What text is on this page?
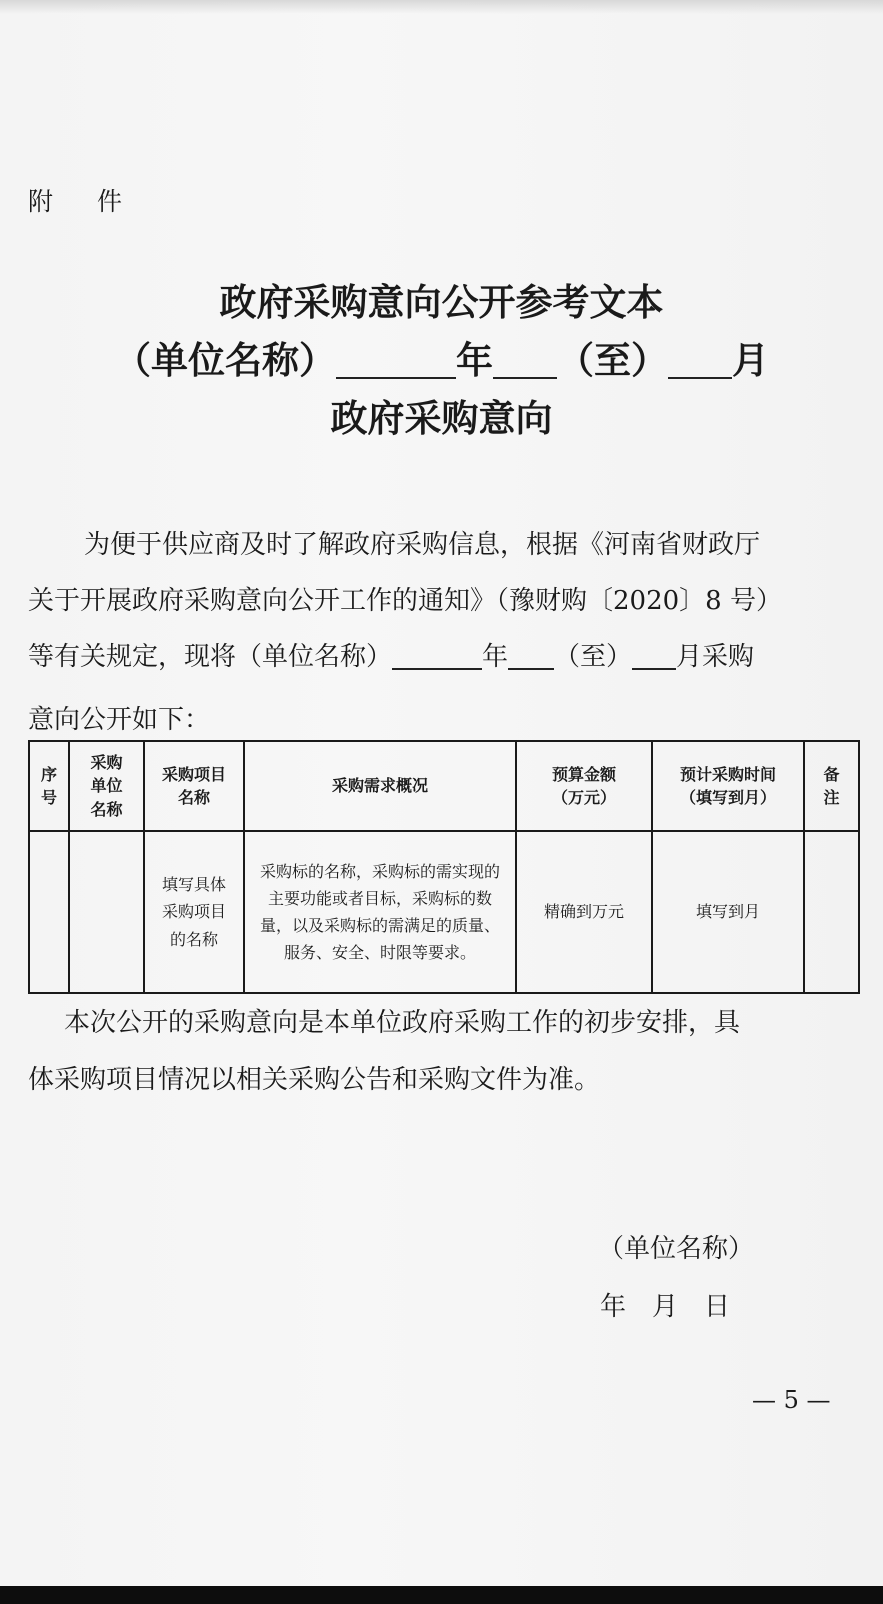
附 件
政府采购意向公开参考文本
（单位名称）	年 （至） 月
政府采购意向
为便于供应商及时了解政府采购信息，根据《河南省财政厅
关于开展政府采购意向公开工作的通知》（豫财购〔2020〕8 号）
等有关规定，现将（单位名称）	年 （至） 月采购
意向公开如下：
序号	采购单位名称	采购项目名称	采购需求概况	预算金额（万元）	预计采购时间（填写到月）	备注
		填写具体采购项目的名称	采购标的名称，采购标的需实现的主要功能或者目标，采购标的数量，以及采购标的需满足的质量、服务、安全、时限等要求。	精确到万元	填写到月	
本次公开的采购意向是本单位政府采购工作的初步安排，具
体采购项目情况以相关采购公告和采购文件为准。
（单位名称）
年　月　日
— 5 —
